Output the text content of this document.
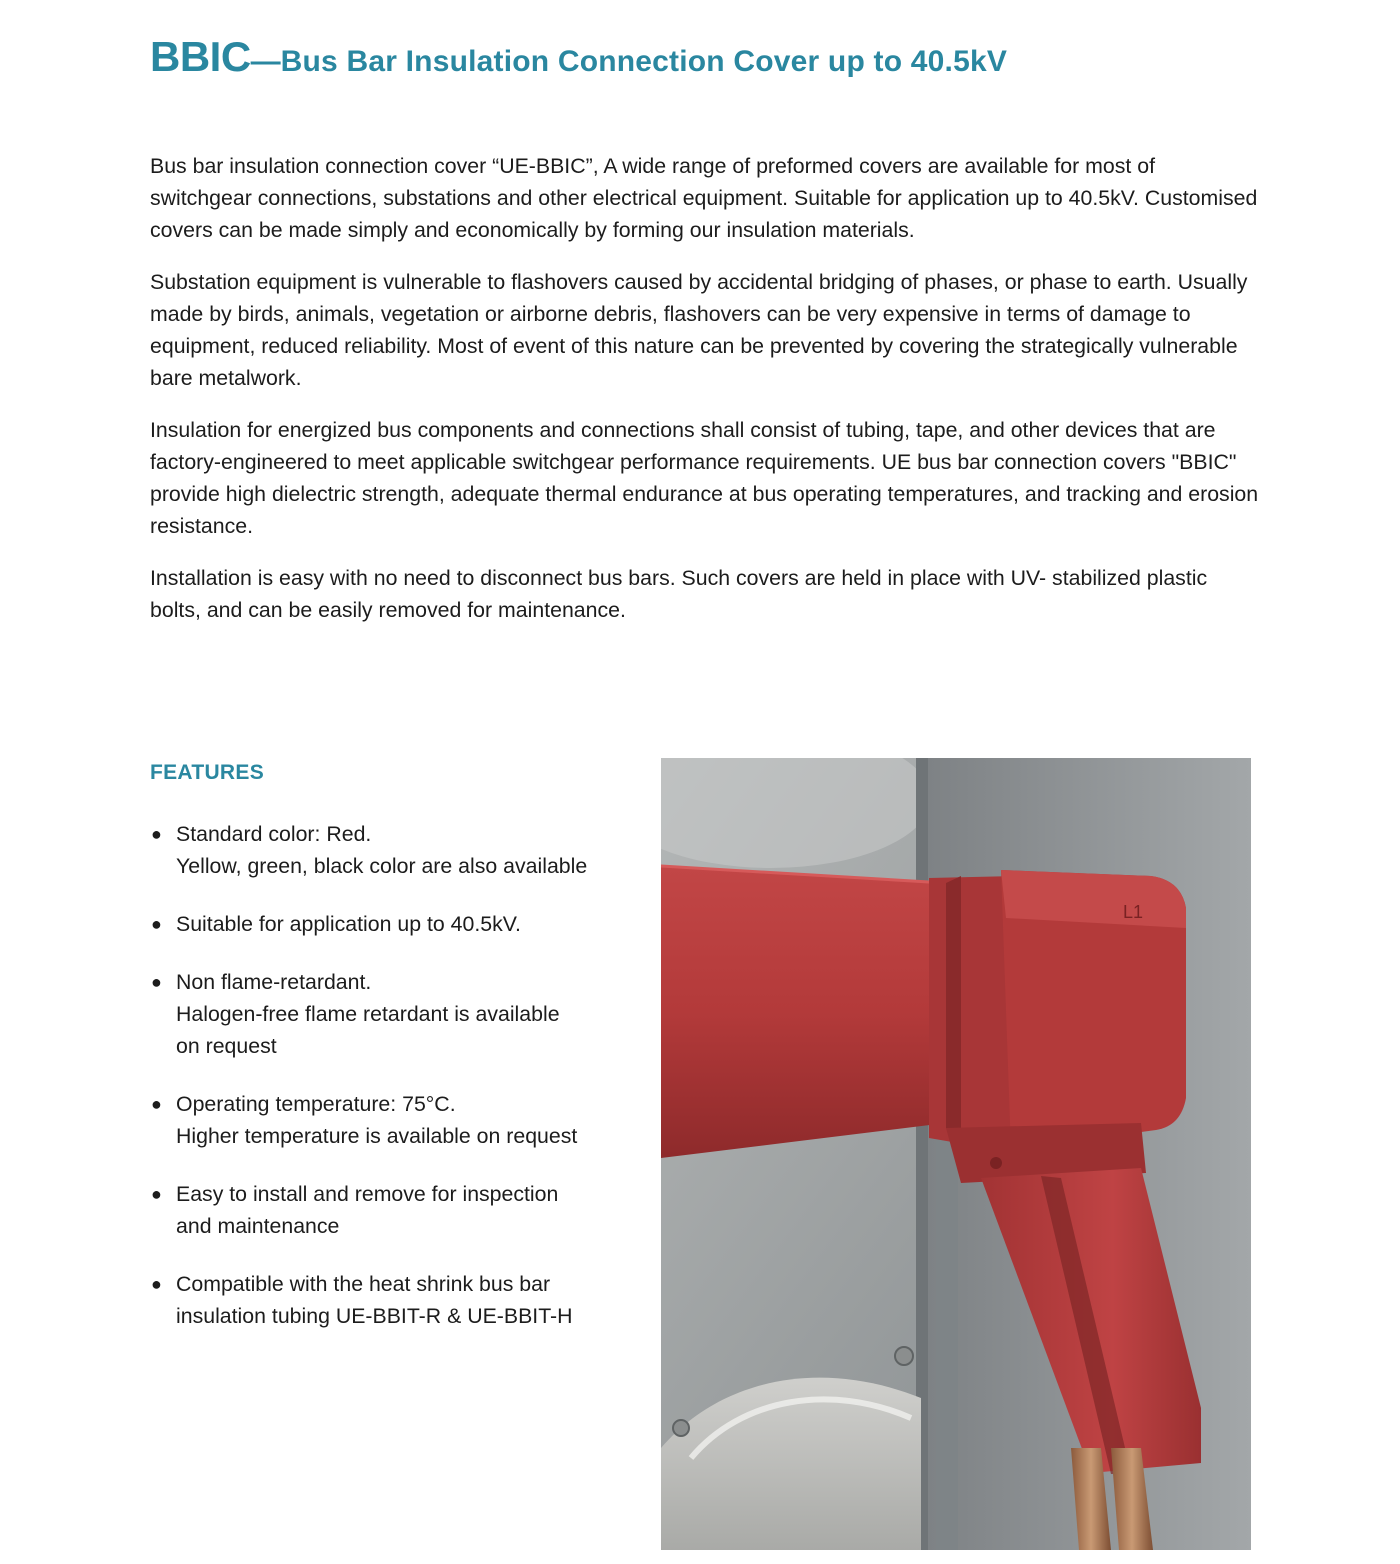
BBIC—Bus Bar Insulation Connection Cover up to 40.5kV

Bus bar insulation connection cover “UE-BBIC”, A wide range of preformed covers are available for most of switchgear connections, substations and other electrical equipment. Suitable for application up to 40.5kV. Customised covers can be made simply and economically by forming our insulation materials.

Substation equipment is vulnerable to flashovers caused by accidental bridging of phases, or phase to earth. Usually made by birds, animals, vegetation or airborne debris, flashovers can be very expensive in terms of damage to equipment, reduced reliability. Most of event of this nature can be prevented by covering the strategically vulnerable bare metalwork.

Insulation for energized bus components and connections shall consist of tubing, tape, and other devices that are factory-engineered to meet applicable switchgear performance requirements. UE bus bar connection covers "BBIC" provide high dielectric strength, adequate thermal endurance at bus operating temperatures, and tracking and erosion resistance.

Installation is easy with no need to disconnect bus bars. Such covers are held in place with UV- stabilized plastic bolts, and can be easily removed for maintenance.

FEATURES
● Standard color: Red.
Yellow, green, black color are also available
● Suitable for application up to 40.5kV.
● Non flame-retardant.
Halogen-free flame retardant is available
on request
● Operating temperature: 75°C.
Higher temperature is available on request
● Easy to install and remove for inspection
and maintenance
● Compatible with the heat shrink bus bar
insulation tubing UE-BBIT-R & UE-BBIT-H
L1
